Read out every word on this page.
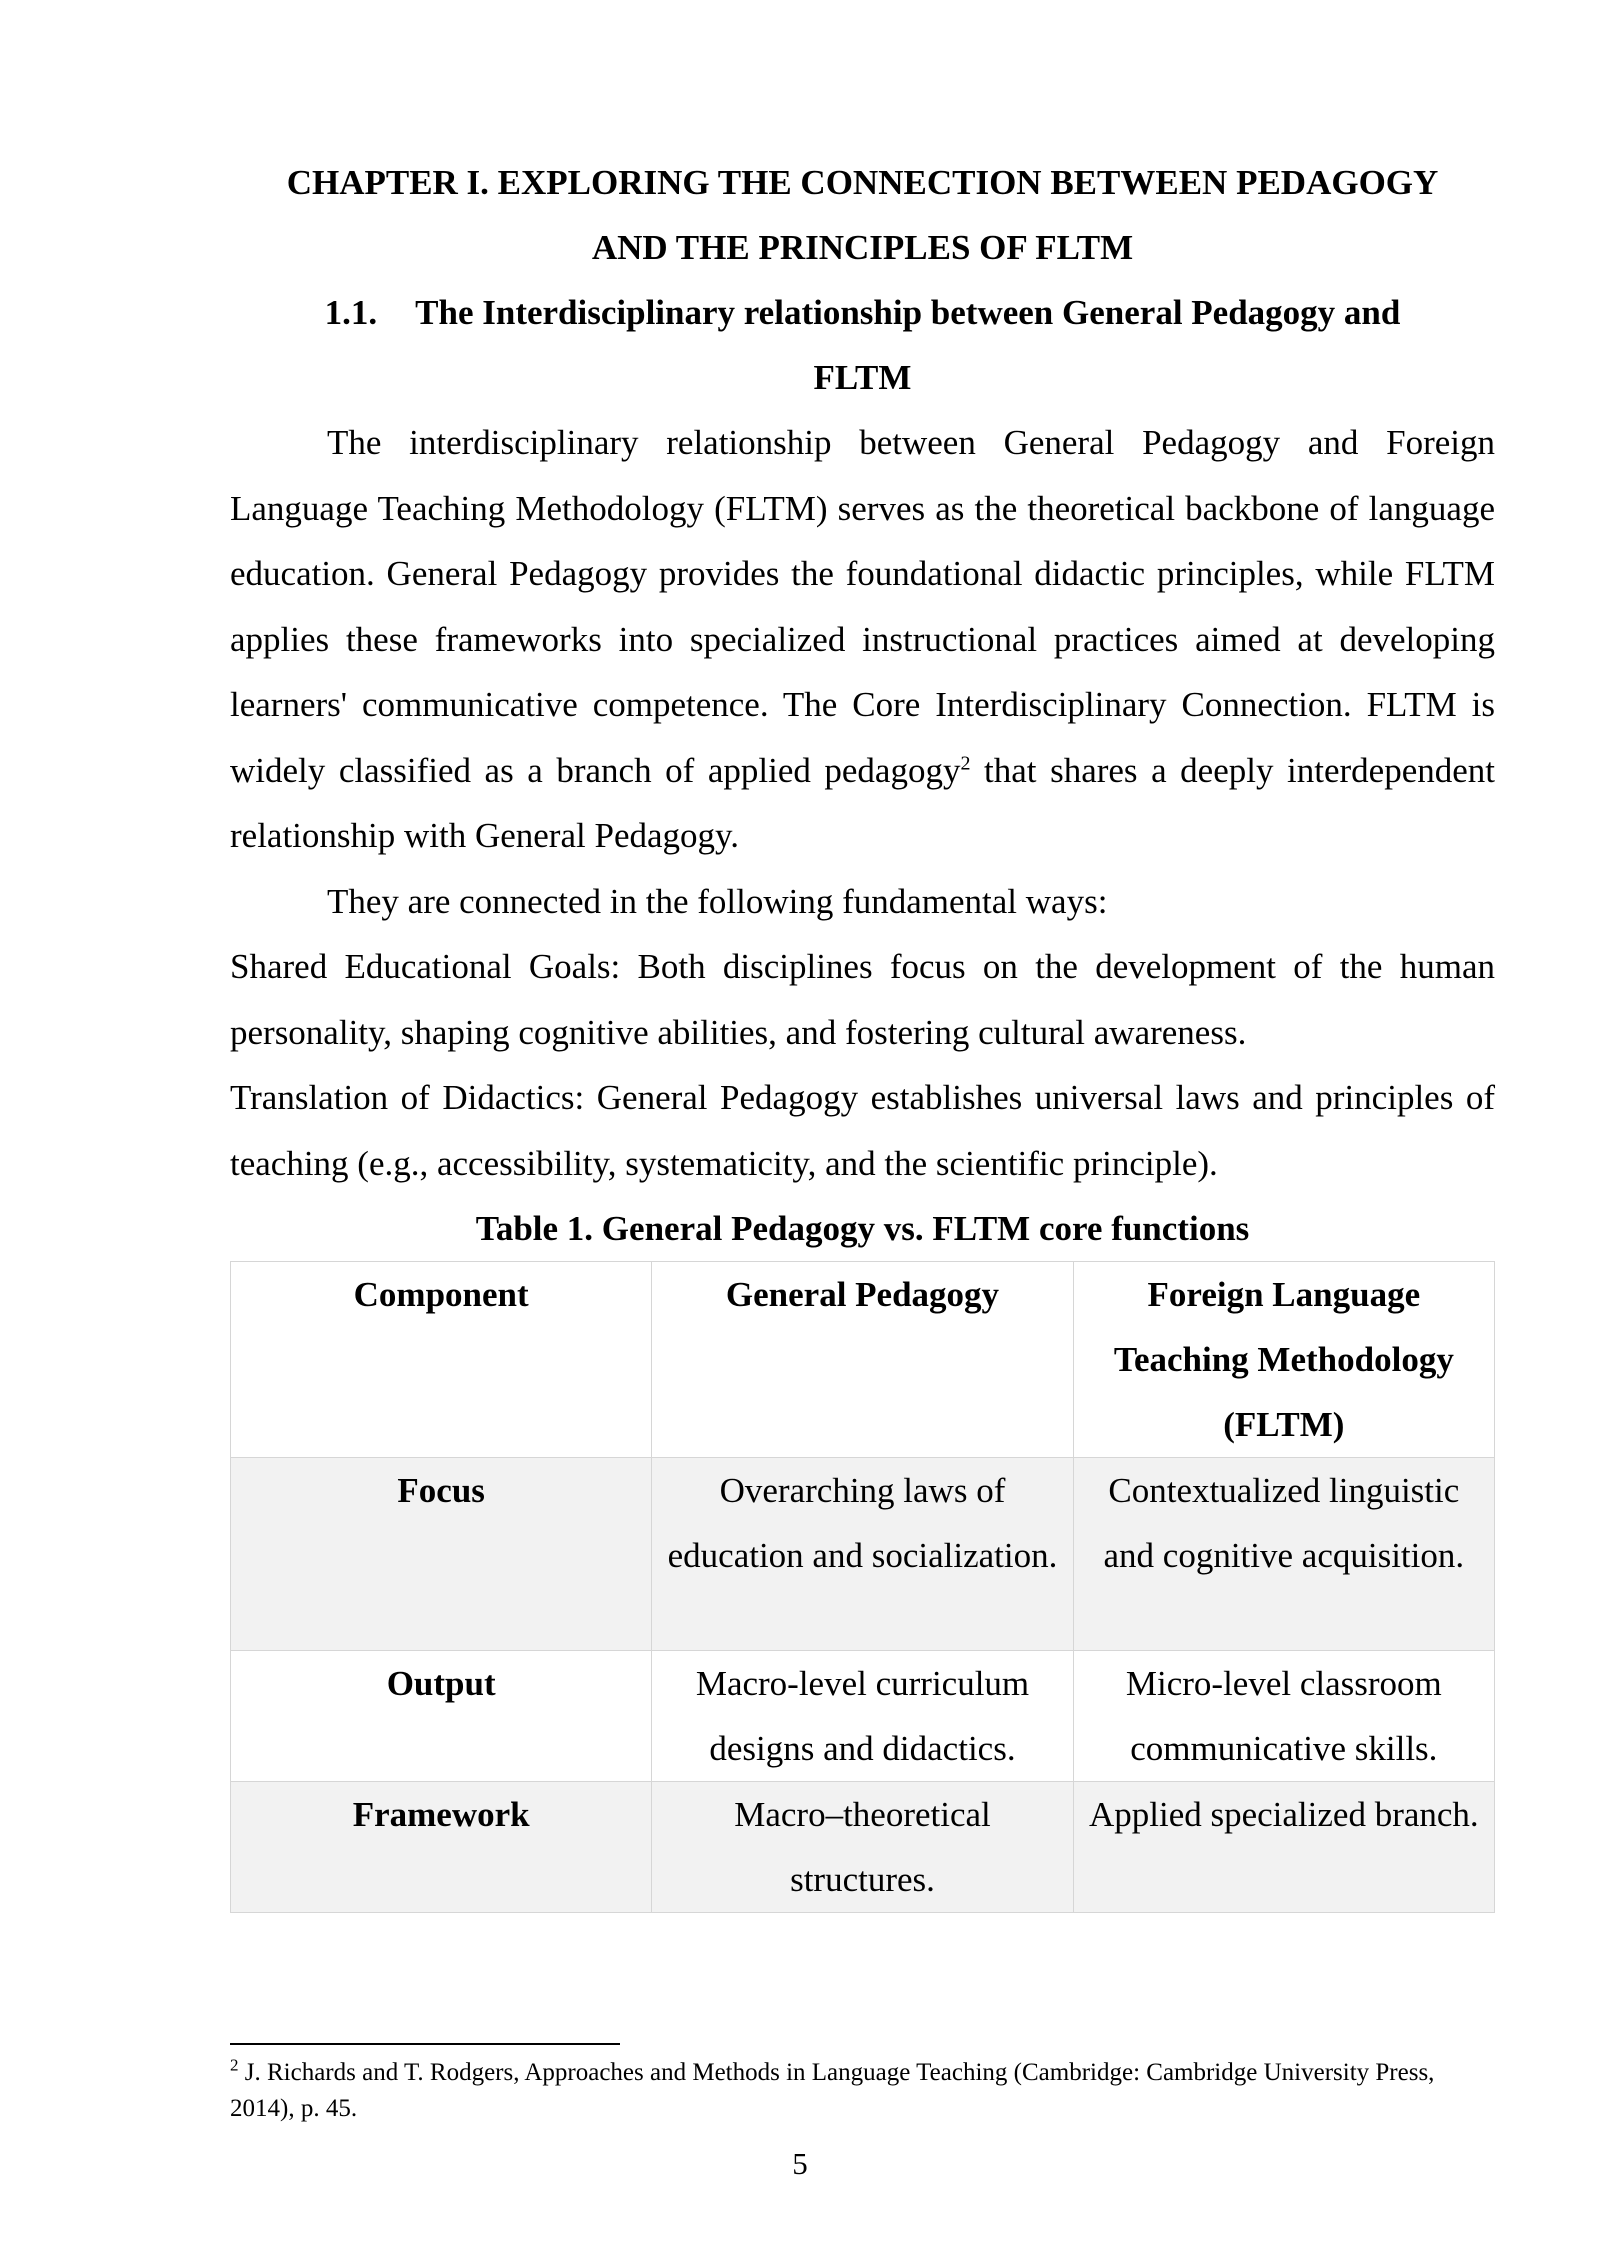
CHAPTER I. EXPLORING THE CONNECTION BETWEEN PEDAGOGY
AND THE PRINCIPLES OF FLTM

1.1. The Interdisciplinary relationship between General Pedagogy and
FLTM

The interdisciplinary relationship between General Pedagogy and Foreign Language Teaching Methodology (FLTM) serves as the theoretical backbone of language education. General Pedagogy provides the foundational didactic principles, while FLTM applies these frameworks into specialized instructional practices aimed at developing learners' communicative competence. The Core Interdisciplinary Connection. FLTM is widely classified as a branch of applied pedagogy$^2$ that shares a deeply interdependent relationship with General Pedagogy.

They are connected in the following fundamental ways:

Shared Educational Goals: Both disciplines focus on the development of the human personality, shaping cognitive abilities, and fostering cultural awareness.

Translation of Didactics: General Pedagogy establishes universal laws and principles of teaching (e.g., accessibility, systematicity, and the scientific principle).

Table 1. General Pedagogy vs. FLTM core functions

Component	General Pedagogy	Foreign Language Teaching Methodology (FLTM)
Focus	Overarching laws of education and socialization.	Contextualized linguistic and cognitive acquisition.
Output	Macro-level curriculum designs and didactics.	Micro-level classroom communicative skills.
Framework	Macro–theoretical structures.	Applied specialized branch.

$^2$ J. Richards and T. Rodgers, Approaches and Methods in Language Teaching (Cambridge: Cambridge University Press, 2014), p. 45.

5
